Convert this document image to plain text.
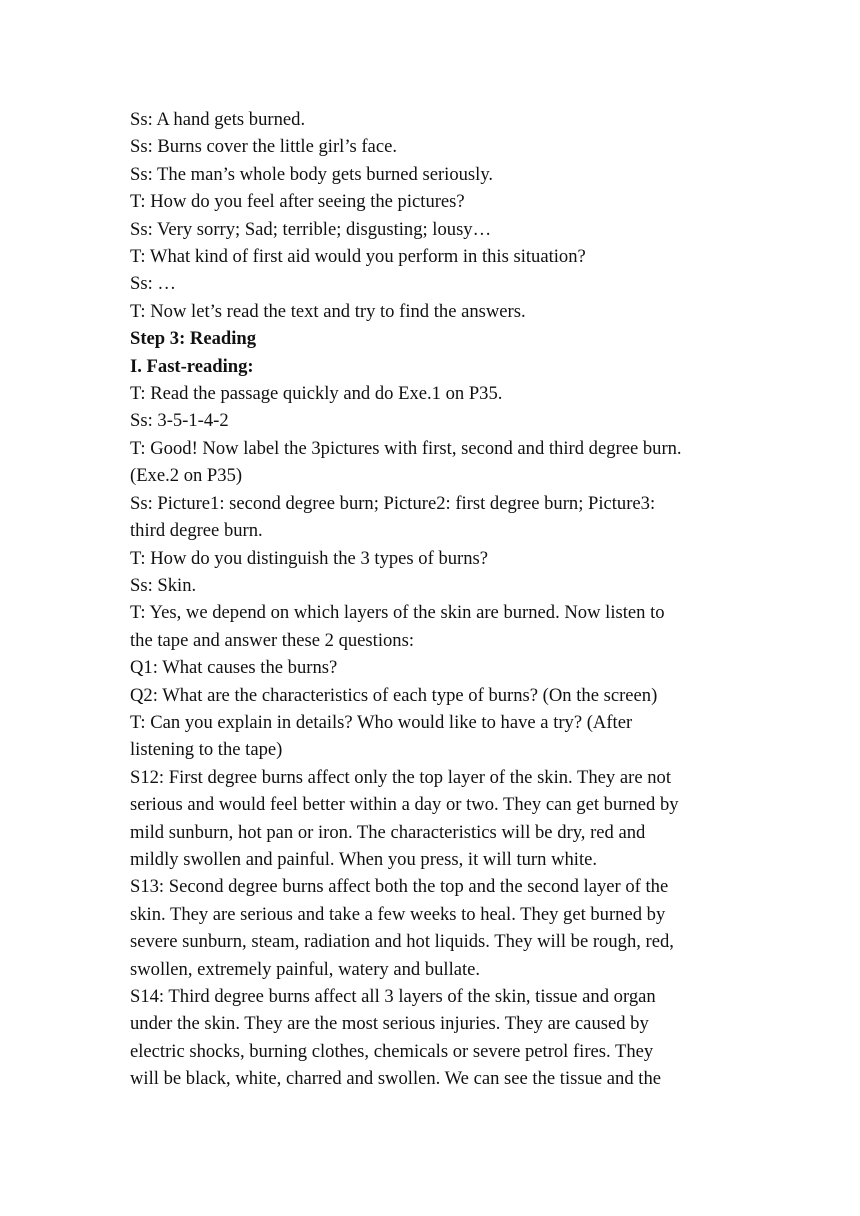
Ss: A hand gets burned.

Ss: Burns cover the little girl’s face.

Ss: The man’s whole body gets burned seriously.

T: How do you feel after seeing the pictures?

Ss: Very sorry; Sad; terrible; disgusting; lousy…

T: What kind of first aid would you perform in this situation?

Ss: …

T: Now let’s read the text and try to find the answers.

Step 3: Reading

I. Fast-reading:

T: Read the passage quickly and do Exe.1 on P35.

Ss: 3-5-1-4-2

T: Good! Now label the 3pictures with first, second and third degree burn.

(Exe.2 on P35)

Ss: Picture1: second degree burn; Picture2: first degree burn; Picture3:

third degree burn.

T: How do you distinguish the 3 types of burns?

Ss: Skin.

T: Yes, we depend on which layers of the skin are burned. Now listen to

the tape and answer these 2 questions:

Q1: What causes the burns?

Q2: What are the characteristics of each type of burns? (On the screen)

T: Can you explain in details? Who would like to have a try? (After

listening to the tape)

S12: First degree burns affect only the top layer of the skin. They are not

serious and would feel better within a day or two. They can get burned by

mild sunburn, hot pan or iron. The characteristics will be dry, red and

mildly swollen and painful. When you press, it will turn white.

S13: Second degree burns affect both the top and the second layer of the

skin. They are serious and take a few weeks to heal. They get burned by

severe sunburn, steam, radiation and hot liquids. They will be rough, red,

swollen, extremely painful, watery and bullate.

S14: Third degree burns affect all 3 layers of the skin, tissue and organ

under the skin. They are the most serious injuries. They are caused by

electric shocks, burning clothes, chemicals or severe petrol fires. They

will be black, white, charred and swollen. We can see the tissue and the
